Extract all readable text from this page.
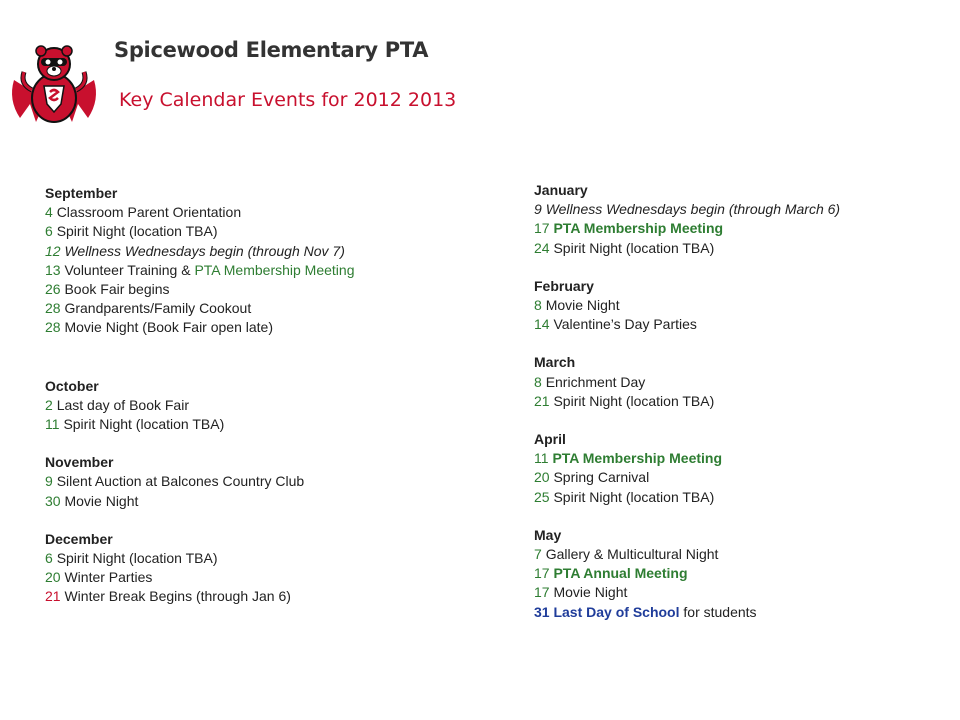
Spicewood Elementary PTA
Key Calendar Events for 2012 2013
September
4 Classroom Parent Orientation
6 Spirit Night (location TBA)
12 Wellness Wednesdays begin (through Nov 7)
13 Volunteer Training & PTA Membership Meeting
26 Book Fair begins
28 Grandparents/Family Cookout
28 Movie Night (Book Fair open late)
October
2 Last day of Book Fair
11 Spirit Night (location TBA)
November
9 Silent Auction at Balcones Country Club
30 Movie Night
December
6 Spirit Night (location TBA)
20 Winter Parties
21 Winter Break Begins (through Jan 6)
January
9 Wellness Wednesdays begin (through March 6)
17 PTA Membership Meeting
24 Spirit Night (location TBA)
February
8 Movie Night
14 Valentine’s Day Parties
March
8 Enrichment Day
21 Spirit Night (location TBA)
April
11 PTA Membership Meeting
20 Spring Carnival
25 Spirit Night (location TBA)
May
7 Gallery & Multicultural Night
17 PTA Annual Meeting
17 Movie Night
31 Last Day of School for students
